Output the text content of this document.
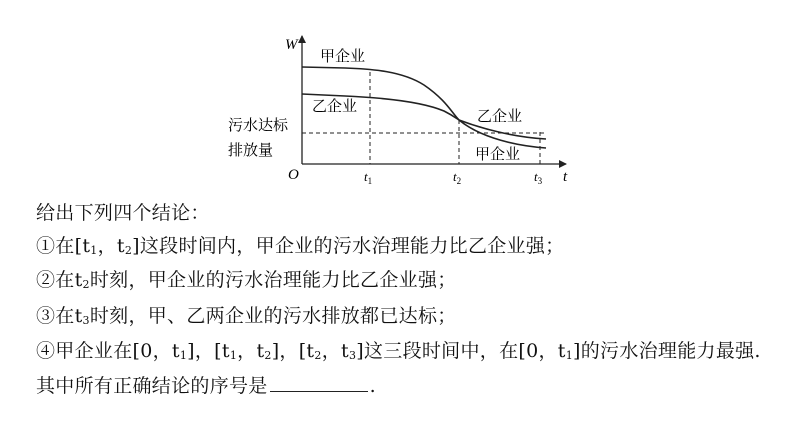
W
t
O
甲企业
乙企业
乙企业
甲企业
污水达标
排放量
$t_1$	$t_2$	$t_3$
给出下列四个结论：
①在[$t_1$，$t_2$]这段时间内，甲企业的污水治理能力比乙企业强；
②在$t_2$时刻，甲企业的污水治理能力比乙企业强；
③在$t_3$时刻，甲、乙两企业的污水排放都已达标；
④甲企业在[0，$t_1$]，[$t_1$，$t_2$]，[$t_2$，$t_3$]这三段时间中，在[0，$t_1$]的污水治理能力最强.
其中所有正确结论的序号是	.
